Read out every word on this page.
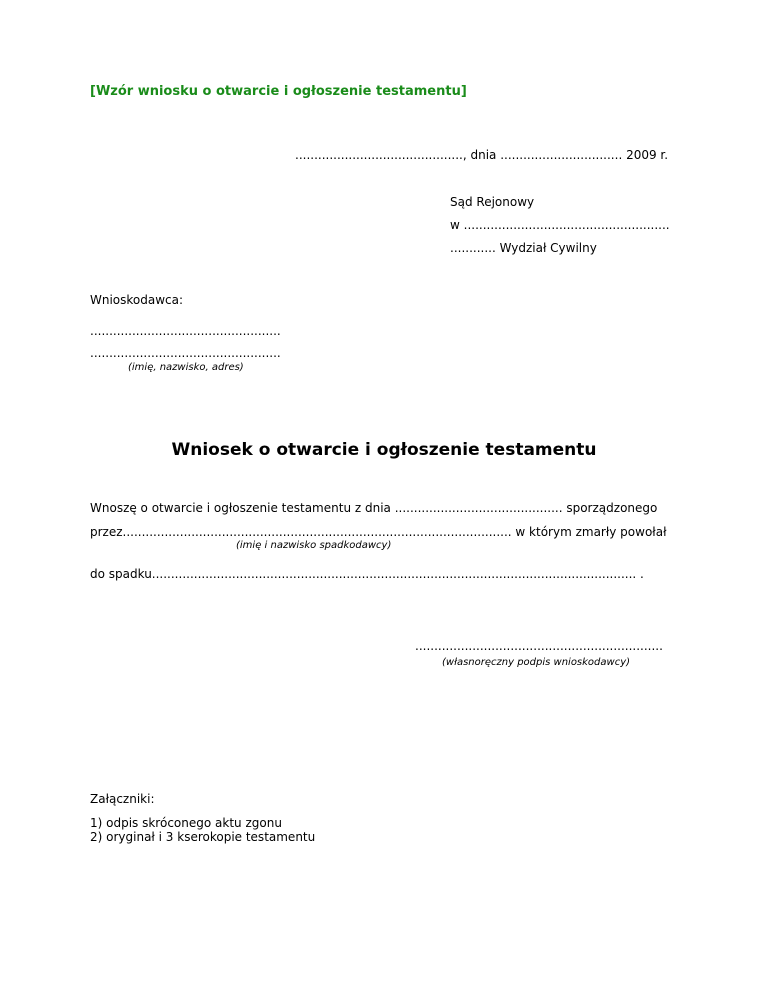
[Wzór wniosku o otwarcie i ogłoszenie testamentu]
............................................, dnia ................................ 2009 r.
Sąd Rejonowy
w ......................................................
............ Wydział Cywilny
Wnioskodawca:
..................................................
..................................................
(imię, nazwisko, adres)
Wniosek o otwarcie i ogłoszenie testamentu
Wnoszę o otwarcie i ogłoszenie testamentu z dnia ............................................ sporządzonego
przez...................................................................................................... w którym zmarły powołał
(imię i nazwisko spadkodawcy)
do spadku............................................................................................................................... .
.................................................................
(własnoręczny podpis wnioskodawcy)
Załączniki:
1) odpis skróconego aktu zgonu
2) oryginał i 3 kserokopie testamentu
